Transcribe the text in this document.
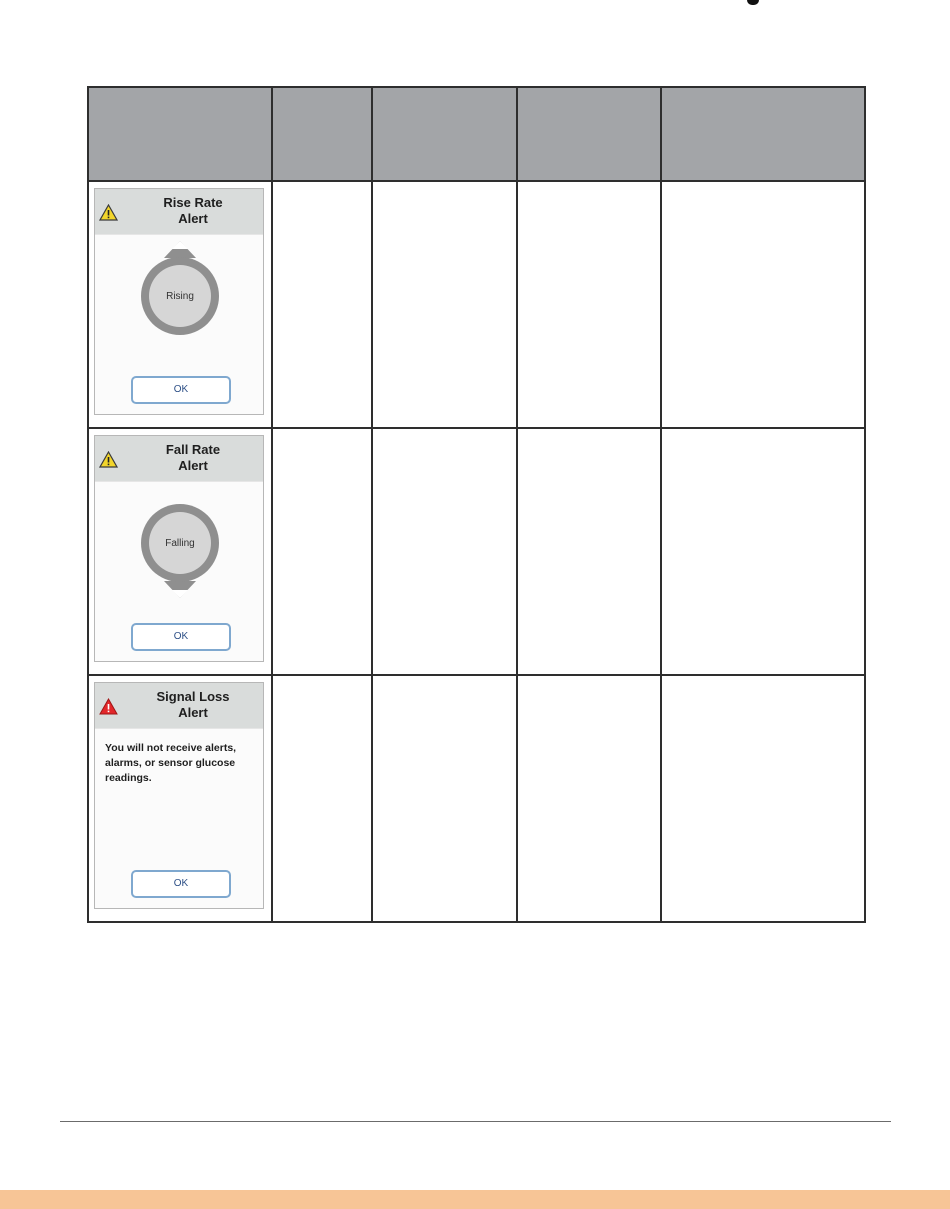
Rise Rate
Alert
Rising
OK				

Fall Rate
Alert
Falling
OK				

Signal Loss
Alert
You will not receive alerts, alarms, or sensor glucose readings.
OK				
